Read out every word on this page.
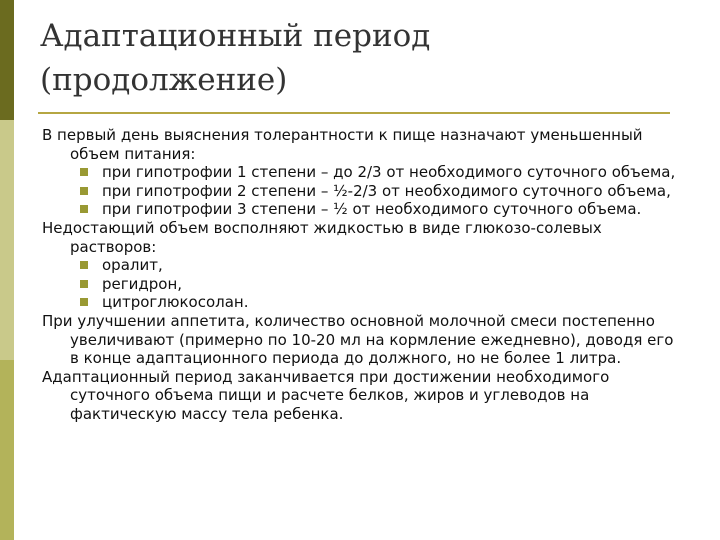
Адаптационный период (продолжение)

В первый день выяснения толерантности к пище назначают уменьшенный объем питания:

при гипотрофии 1 степени – до 2/3 от необходимого суточного объема,

при гипотрофии 2 степени – ½-2/3 от необходимого суточного объема,

при гипотрофии 3 степени – ½ от необходимого суточного объема.

Недостающий объем восполняют жидкостью в виде глюкозо-солевых растворов:

оралит,

регидрон,

цитроглюкосолан.

При улучшении аппетита, количество основной молочной смеси постепенно увеличивают (примерно по 10-20 мл на кормление ежедневно), доводя его в конце адаптационного периода до должного, но не более 1 литра.

Адаптационный период заканчивается при достижении необходимого суточного объема пищи и расчете белков, жиров и углеводов на фактическую массу тела ребенка.
